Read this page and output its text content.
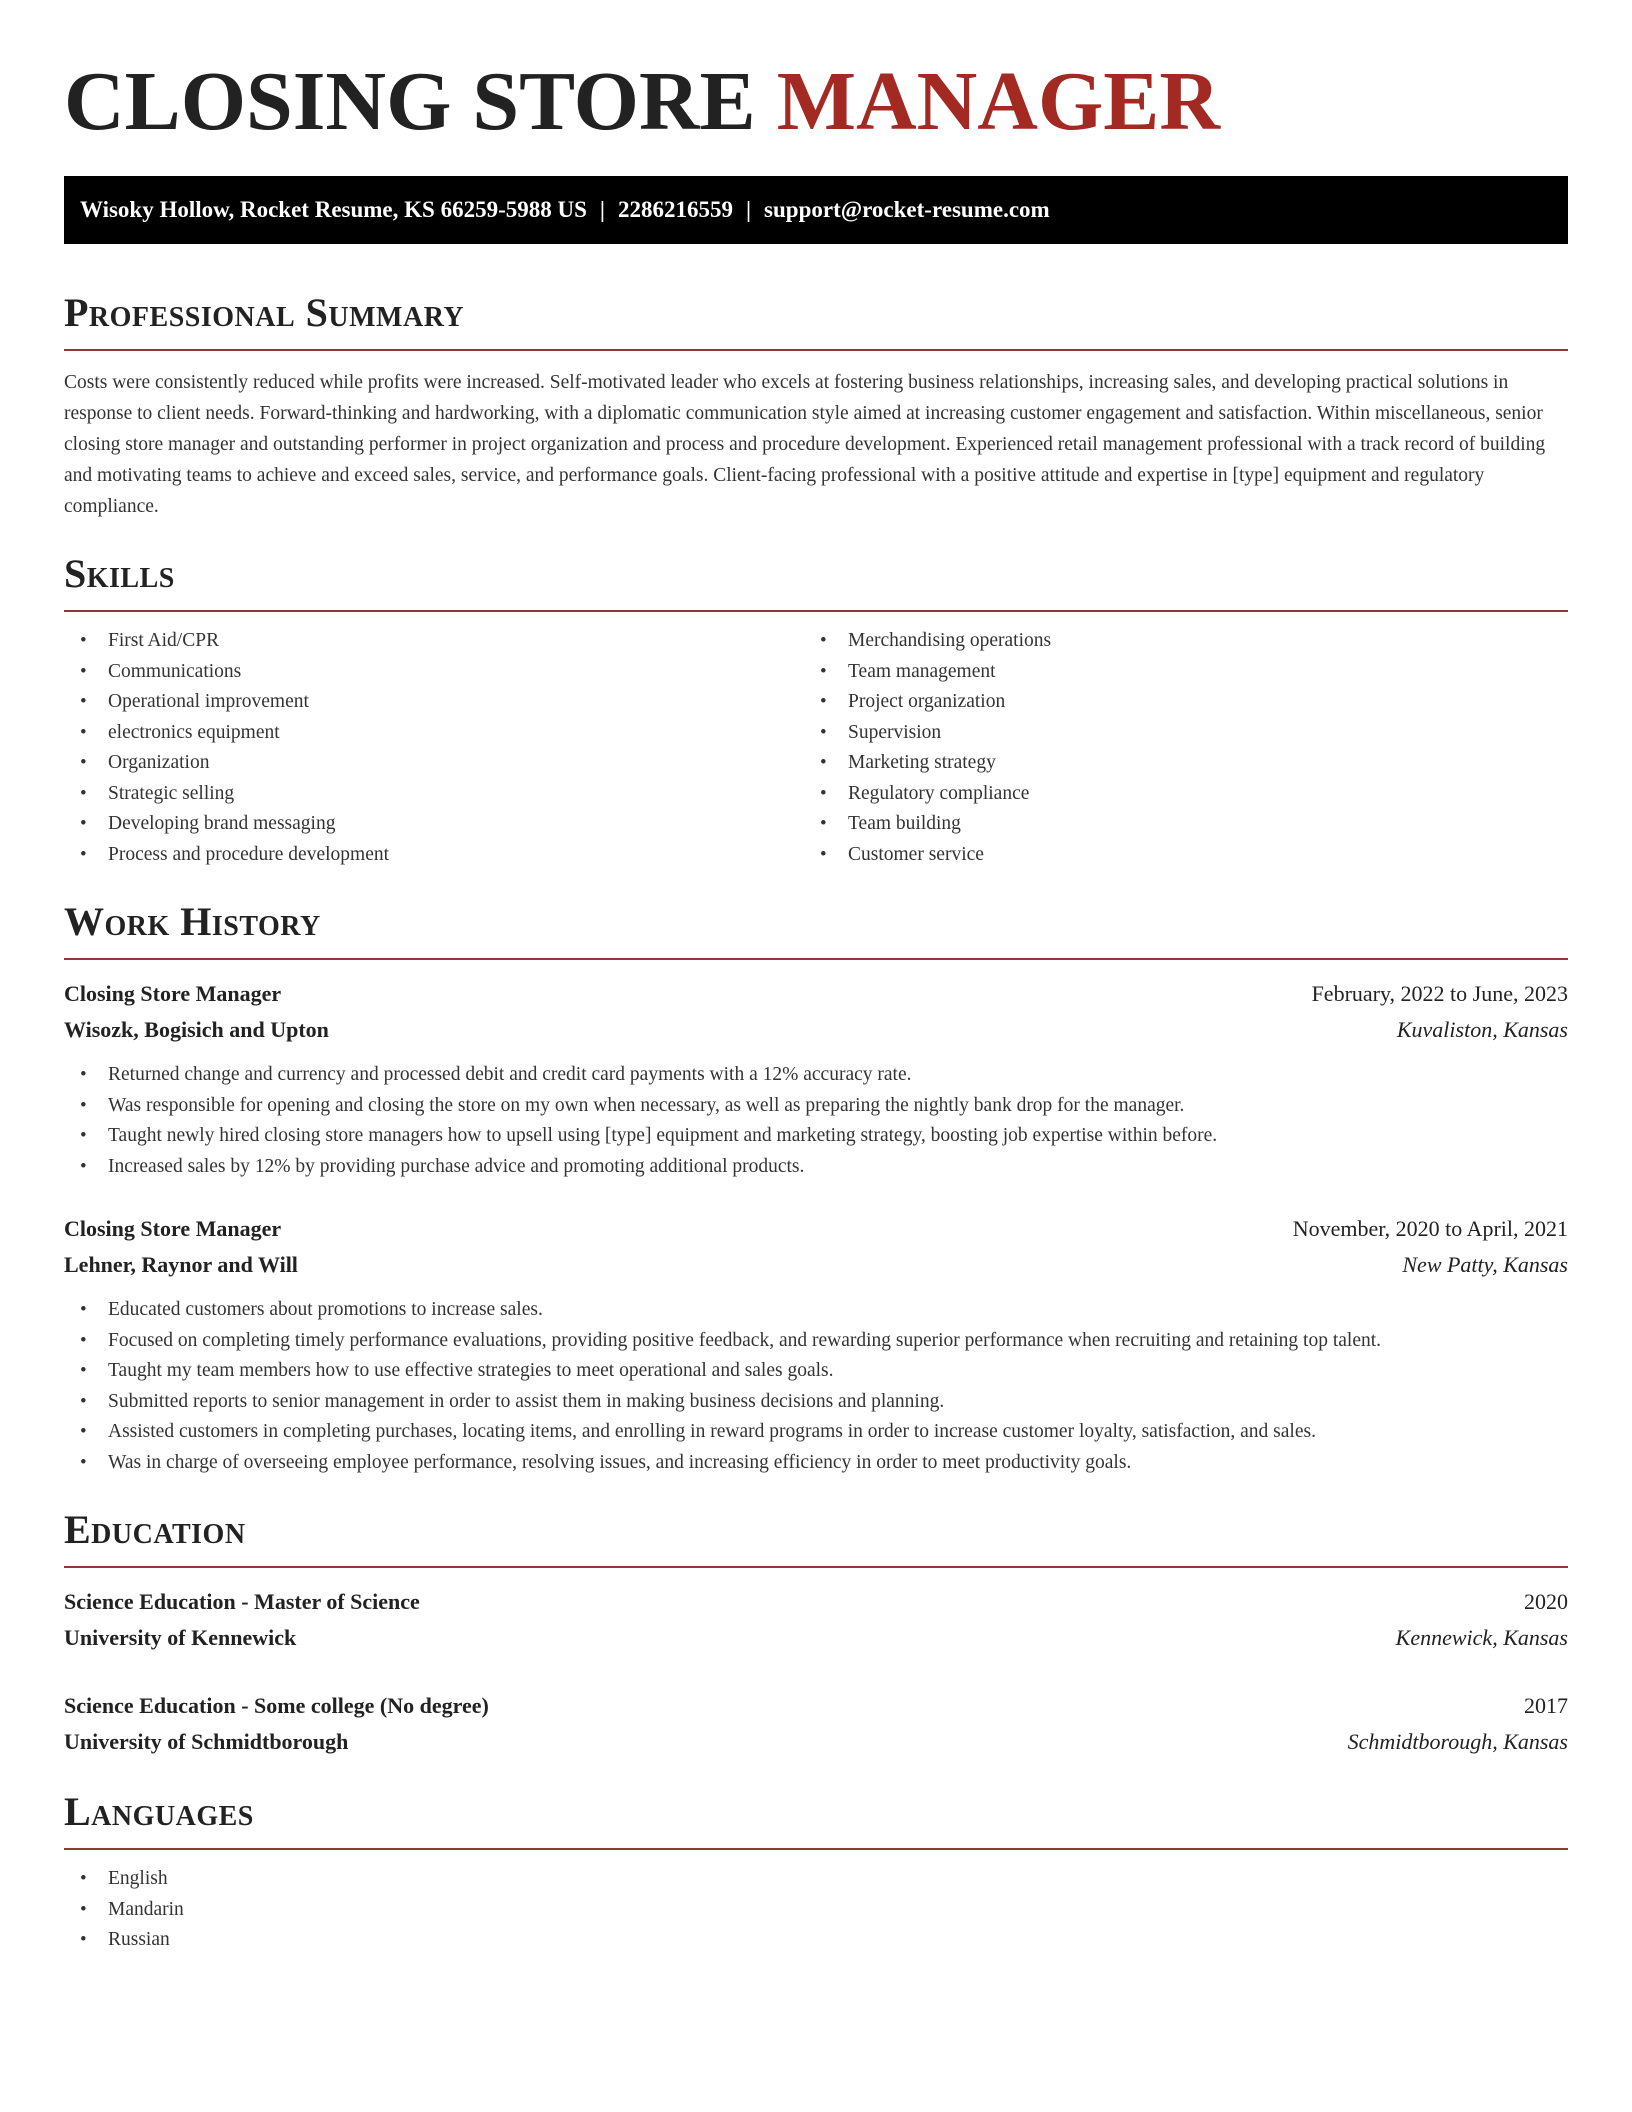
CLOSING STORE MANAGER
Wisoky Hollow, Rocket Resume, KS 66259-5988 US | 2286216559 | support@rocket-resume.com
Professional Summary

Costs were consistently reduced while profits were increased. Self-motivated leader who excels at fostering business relationships, increasing sales, and developing practical solutions in response to client needs. Forward-thinking and hardworking, with a diplomatic communication style aimed at increasing customer engagement and satisfaction. Within miscellaneous, senior closing store manager and outstanding performer in project organization and process and procedure development. Experienced retail management professional with a track record of building and motivating teams to achieve and exceed sales, service, and performance goals. Client-facing professional with a positive attitude and expertise in [type] equipment and regulatory compliance.

Skills
• First Aid/CPR
• Communications
• Operational improvement
• electronics equipment
• Organization
• Strategic selling
• Developing brand messaging
• Process and procedure development
• Merchandising operations
• Team management
• Project organization
• Supervision
• Marketing strategy
• Regulatory compliance
• Team building
• Customer service
Work History
Closing Store Manager	February, 2022 to June, 2023
Wisozk, Bogisich and Upton	Kuvaliston, Kansas
• Returned change and currency and processed debit and credit card payments with a 12% accuracy rate.
• Was responsible for opening and closing the store on my own when necessary, as well as preparing the nightly bank drop for the manager.
• Taught newly hired closing store managers how to upsell using [type] equipment and marketing strategy, boosting job expertise within before.
• Increased sales by 12% by providing purchase advice and promoting additional products.
Closing Store Manager	November, 2020 to April, 2021
Lehner, Raynor and Will	New Patty, Kansas
• Educated customers about promotions to increase sales.
• Focused on completing timely performance evaluations, providing positive feedback, and rewarding superior performance when recruiting and retaining top talent.
• Taught my team members how to use effective strategies to meet operational and sales goals.
• Submitted reports to senior management in order to assist them in making business decisions and planning.
• Assisted customers in completing purchases, locating items, and enrolling in reward programs in order to increase customer loyalty, satisfaction, and sales.
• Was in charge of overseeing employee performance, resolving issues, and increasing efficiency in order to meet productivity goals.
Education
Science Education - Master of Science	2020
University of Kennewick	Kennewick, Kansas
Science Education - Some college (No degree)	2017
University of Schmidtborough	Schmidtborough, Kansas
Languages
• English
• Mandarin
• Russian
